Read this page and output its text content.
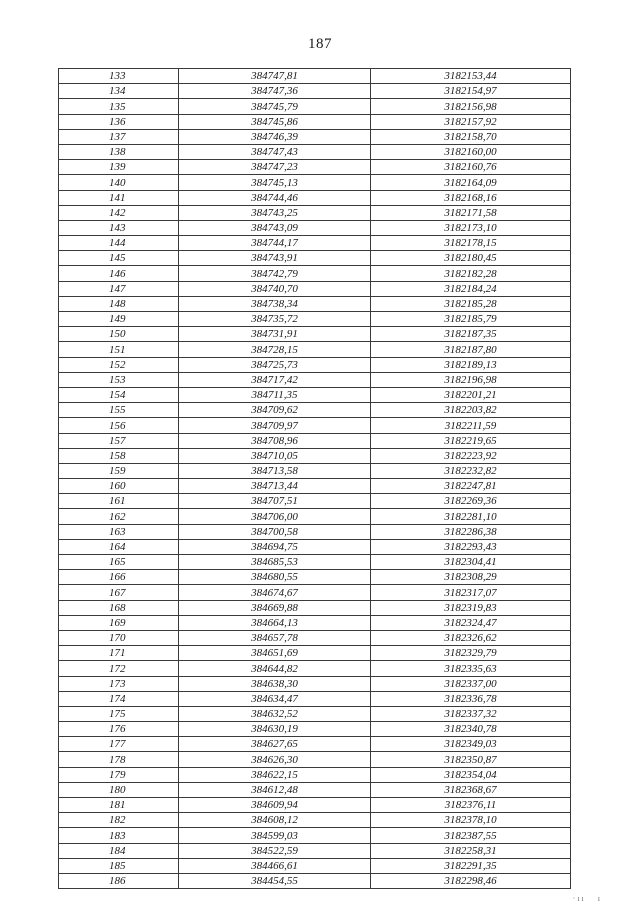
187
133	384747,81	3182153,44
134	384747,36	3182154,97
135	384745,79	3182156,98
136	384745,86	3182157,92
137	384746,39	3182158,70
138	384747,43	3182160,00
139	384747,23	3182160,76
140	384745,13	3182164,09
141	384744,46	3182168,16
142	384743,25	3182171,58
143	384743,09	3182173,10
144	384744,17	3182178,15
145	384743,91	3182180,45
146	384742,79	3182182,28
147	384740,70	3182184,24
148	384738,34	3182185,28
149	384735,72	3182185,79
150	384731,91	3182187,35
151	384728,15	3182187,80
152	384725,73	3182189,13
153	384717,42	3182196,98
154	384711,35	3182201,21
155	384709,62	3182203,82
156	384709,97	3182211,59
157	384708,96	3182219,65
158	384710,05	3182223,92
159	384713,58	3182232,82
160	384713,44	3182247,81
161	384707,51	3182269,36
162	384706,00	3182281,10
163	384700,58	3182286,38
164	384694,75	3182293,43
165	384685,53	3182304,41
166	384680,55	3182308,29
167	384674,67	3182317,07
168	384669,88	3182319,83
169	384664,13	3182324,47
170	384657,78	3182326,62
171	384651,69	3182329,79
172	384644,82	3182335,63
173	384638,30	3182337,00
174	384634,47	3182336,78
175	384632,52	3182337,32
176	384630,19	3182340,78
177	384627,65	3182349,03
178	384626,30	3182350,87
179	384622,15	3182354,04
180	384612,48	3182368,67
181	384609,94	3182376,11
182	384608,12	3182378,10
183	384599,03	3182387,55
184	384522,59	3182258,31
185	384466,61	3182291,35
186	384454,55	3182298,46
· ı ı       ı
